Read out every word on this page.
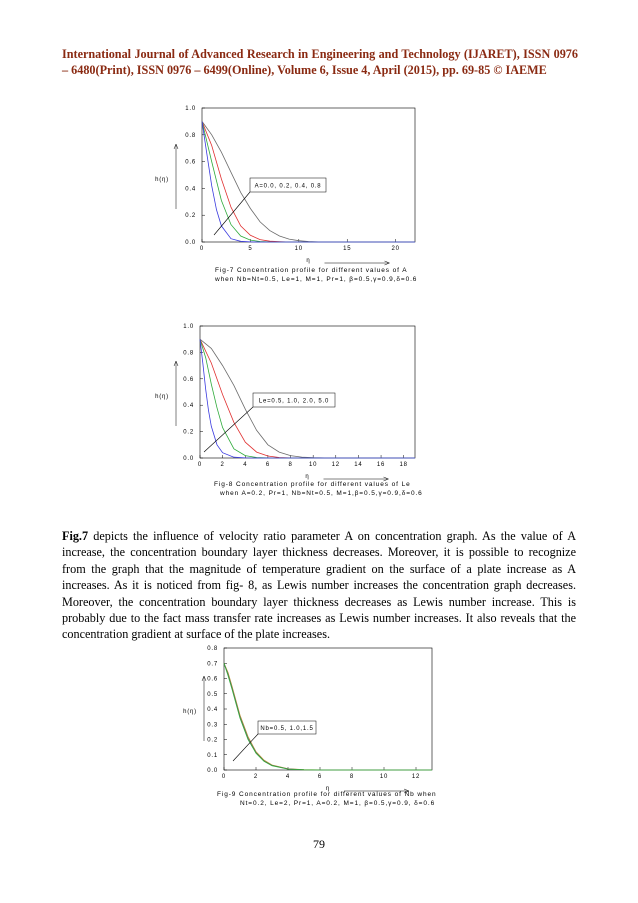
International Journal of Advanced Research in Engineering and Technology (IJARET), ISSN 0976 – 6480(Print), ISSN 0976 – 6499(Online), Volume 6, Issue 4, April (2015), pp. 69-85 © IAEME
0.0
0.2
0.4
0.6
0.8
1.0
0	5	10	15	20
h(η)
η
A=0.0, 0.2, 0.4, 0.8
Fig-7 Concentration profile for different values of A
when Nb=Nt=0.5, Le=1, M=1, Pr=1, β=0.5,γ=0.9,δ=0.6
0.0
0.2
0.4
0.6
0.8
1.0
0	2	4	6	8	10 12 14 16 18
h(η)
η
Le=0.5, 1.0, 2.0, 5.0
Fig-8 Concentration profile for different values of Le
when A=0.2, Pr=1, Nb=Nt=0.5, M=1,β=0.5,γ=0.9,δ=0.6
0.0
0.1
0.2
0.3
0.4
0.5
0.6
0.7
0.8
0	2	4	6	8	10	12
h(η)
η
Nb=0.5, 1.0,1.5
Fig-9 Concentration profile for different values of Nb when
Nt=0.2, Le=2, Pr=1, A=0.2, M=1, β=0.5,γ=0.9, δ=0.6
Fig.7 depicts the influence of velocity ratio parameter A on concentration graph. As the value of A increase, the concentration boundary layer thickness decreases. Moreover, it is possible to recognize from the graph that the magnitude of temperature gradient on the surface of a plate increase as A increases. As it is noticed from fig- 8, as Lewis number increases the concentration graph decreases. Moreover, the concentration boundary layer thickness decreases as Lewis number increase. This is probably due to the fact mass transfer rate increases as Lewis number increases. It also reveals that the concentration gradient at surface of the plate increases.
79
